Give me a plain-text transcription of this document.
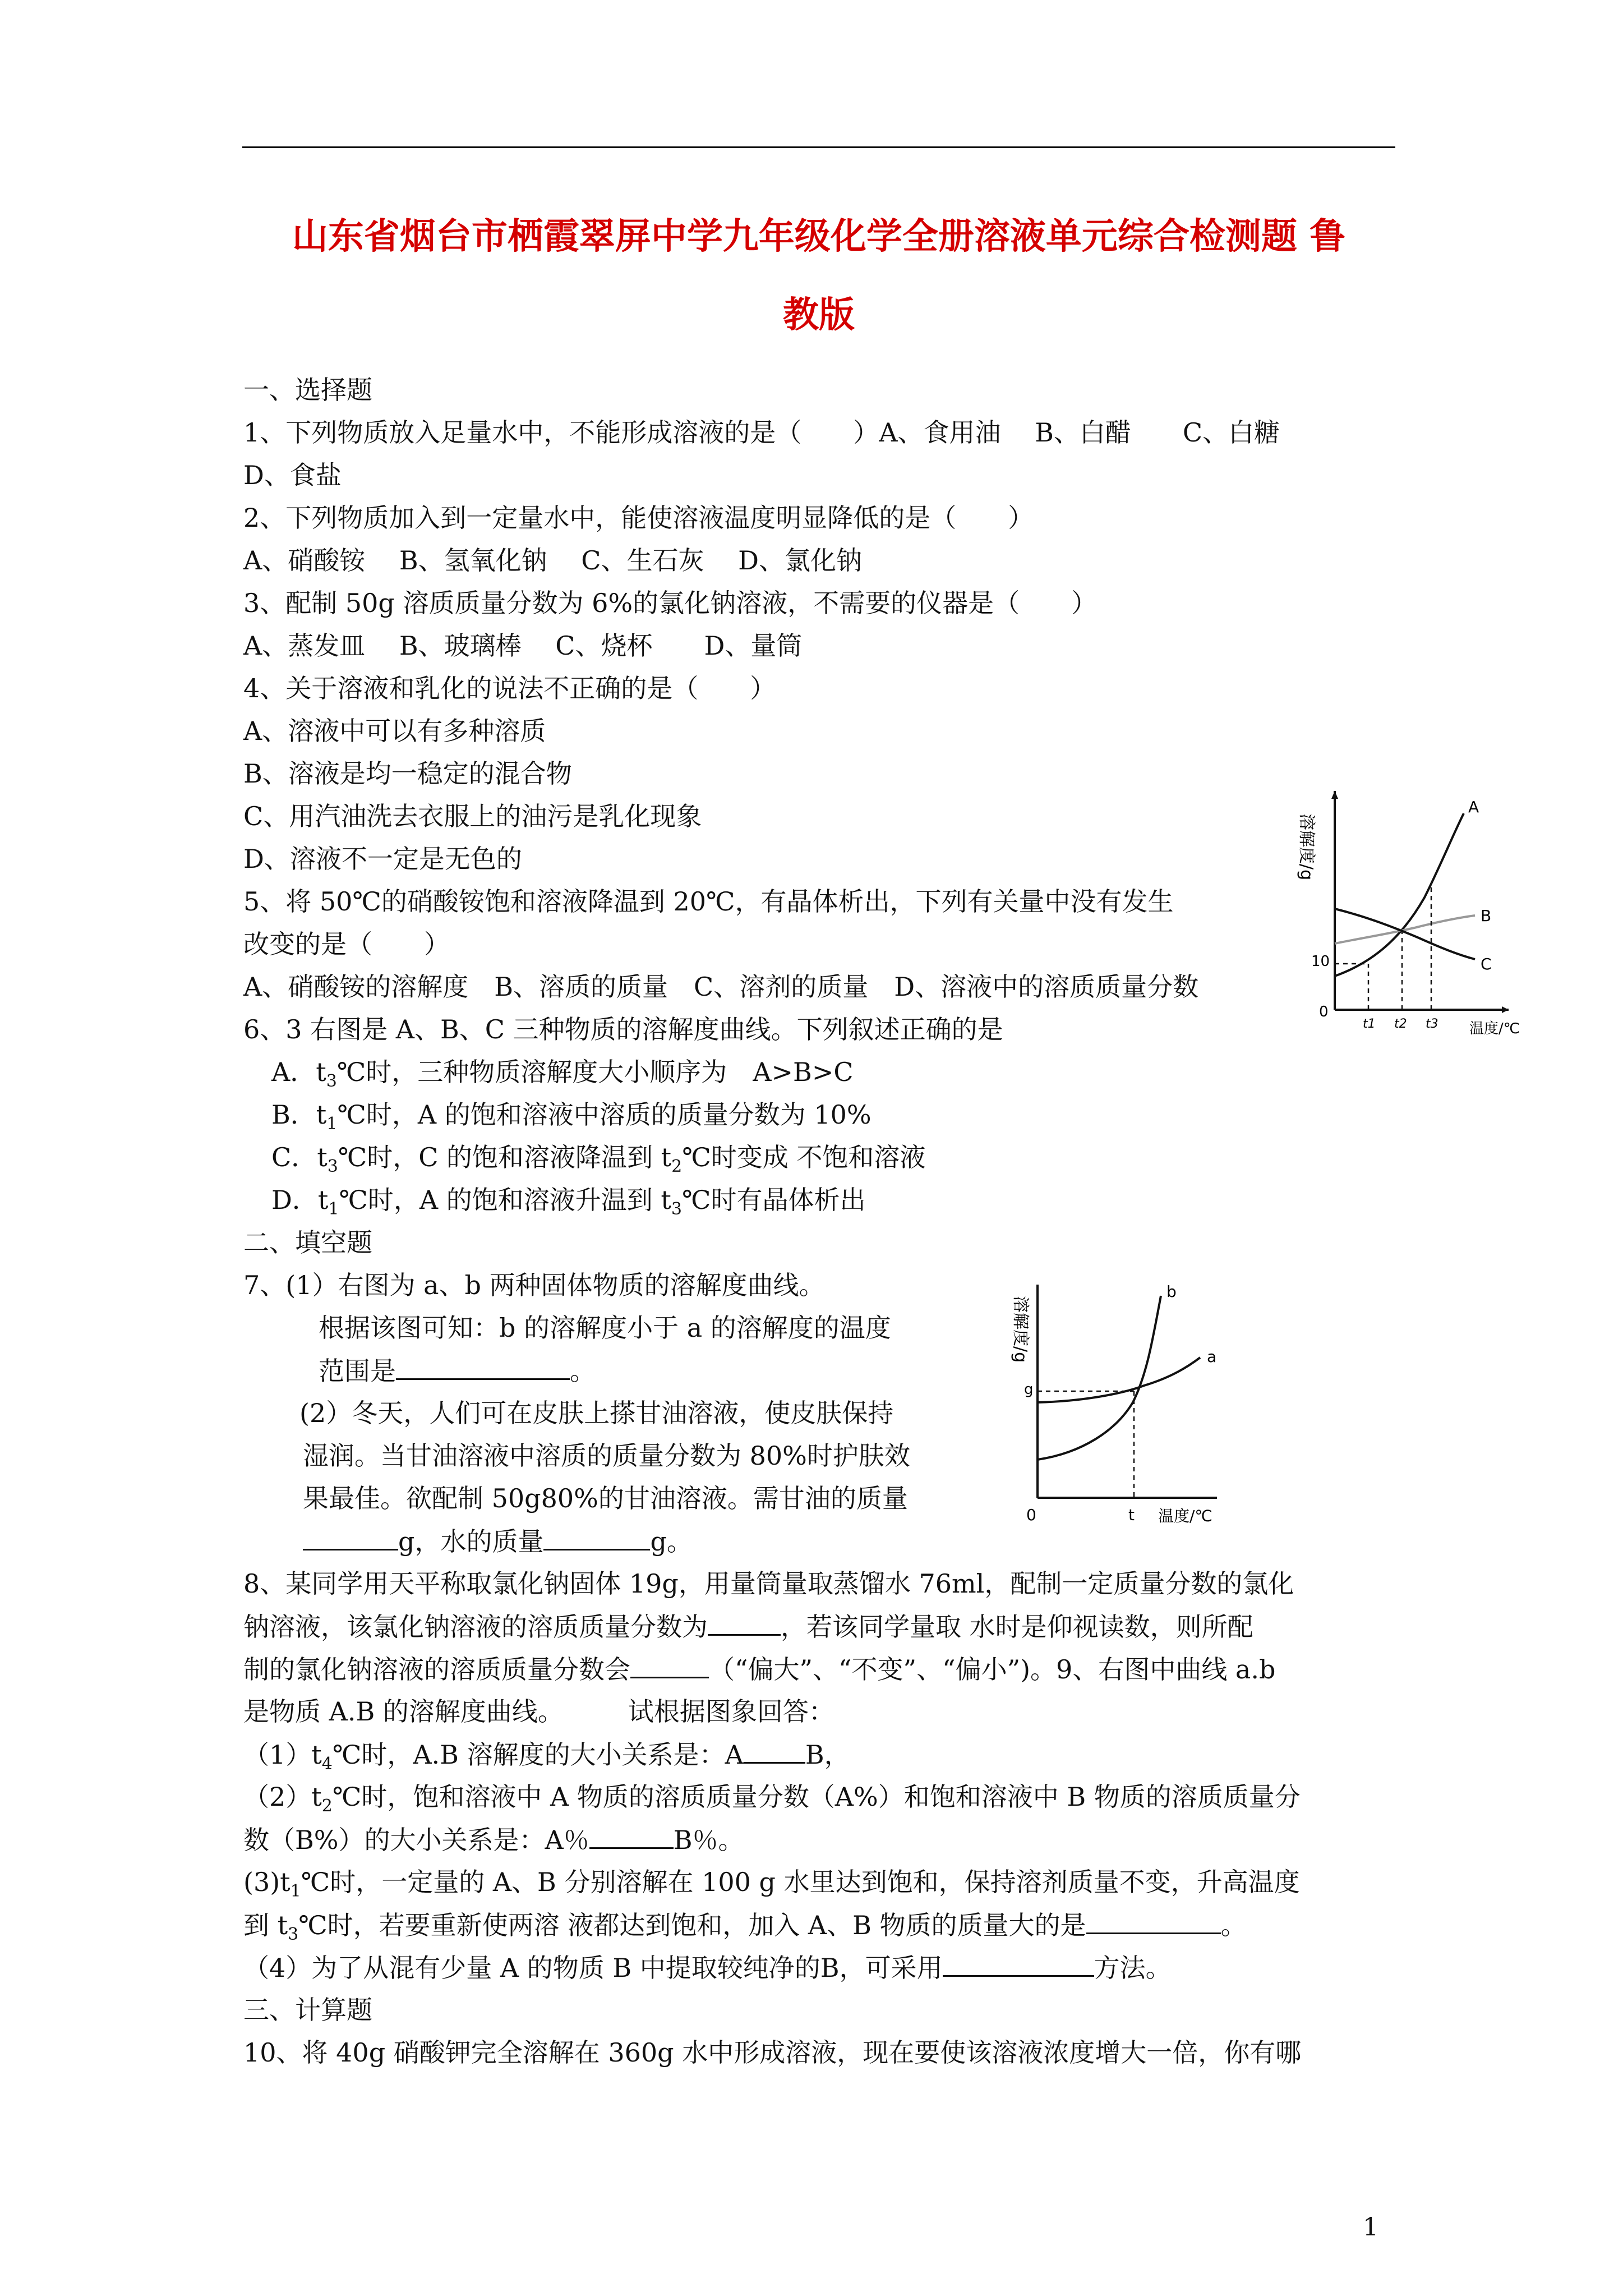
山东省烟台市栖霞翠屏中学九年级化学全册溶液单元综合检测题 鲁
教版
一、选择题
1、下列物质放入足量水中，不能形成溶液的是（　　）A、食用油　 B、白醋　　C、白糖
D、食盐
2、下列物质加入到一定量水中，能使溶液温度明显降低的是（　　）
A、硝酸铵　 B、氢氧化钠　 C、生石灰　 D、氯化钠
3、配制 50g 溶质质量分数为 6%的氯化钠溶液，不需要的仪器是（　　）
A、蒸发皿　 B、玻璃棒　 C、烧杯　　D、量筒
4、关于溶液和乳化的说法不正确的是（　　）
A、溶液中可以有多种溶质
B、溶液是均一稳定的混合物
C、用汽油洗去衣服上的油污是乳化现象
D、溶液不一定是无色的
5、将 50℃的硝酸铵饱和溶液降温到 20℃，有晶体析出，下列有关量中没有发生
改变的是（　　）
A、硝酸铵的溶解度　B、溶质的质量　C、溶剂的质量　D、溶液中的溶质质量分数
6、3 右图是 A、B、C 三种物质的溶解度曲线。下列叙述正确的是
A．$t_3℃$时，三种物质溶解度大小顺序为　A>B>C
B．$t_1℃$时，A 的饱和溶液中溶质的质量分数为 10%
C．$t_3℃$时，C 的饱和溶液降温到 $t_2℃$时变成 不饱和溶液
D．$t_1℃$时，A 的饱和溶液升温到 $t_3℃$时有晶体析出
二、填空题
7、(1）右图为 a、b 两种固体物质的溶解度曲线。
根据该图可知：b 的溶解度小于 a 的溶解度的温度
范围是	。
(2）冬天，人们可在皮肤上搽甘油溶液，使皮肤保持
湿润。当甘油溶液中溶质的质量分数为 80%时护肤效
果最佳。欲配制 50g80%的甘油溶液。需甘油的质量
g，水的质量	g。
8、某同学用天平称取氯化钠固体 19g，用量筒量取蒸馏水 76ml，配制一定质量分数的氯化
钠溶液，该氯化钠溶液的溶质质量分数为	，若该同学量取 水时是仰视读数，则所配
制的氯化钠溶液的溶质质量分数会	（“偏大”、“不变”、“偏小”)。9、右图中曲线 a.b
是物质 A.B 的溶解度曲线。　　　试根据图象回答：
$(1)t_4℃$时，A.B 溶解度的大小关系是：A B，
$(2)t_2℃$时，饱和溶液中 A 物质的溶质质量分数（A%）和饱和溶液中 B 物质的溶质质量分
数（B%）的大小关系是：A％	B％。
$(3)t_1℃$时，一定量的 A、B 分别溶解在 100 g 水里达到饱和，保持溶剂质量不变，升高温度
到 $t_3℃$时，若要重新使两溶 液都达到饱和，加入 A、B 物质的质量大的是	。
（4）为了从混有少量 A 的物质 B 中提取较纯净的B，可采用	方法。
三、计算题
10、将 40g 硝酸钾完全溶解在 360g 水中形成溶液，现在要使该溶液浓度增大一倍，你有哪
溶解度/g
温度/℃
0
10
t1 t2 t3
A
B
C
溶解度/g
温度/℃
0
g
t
a
b
1
